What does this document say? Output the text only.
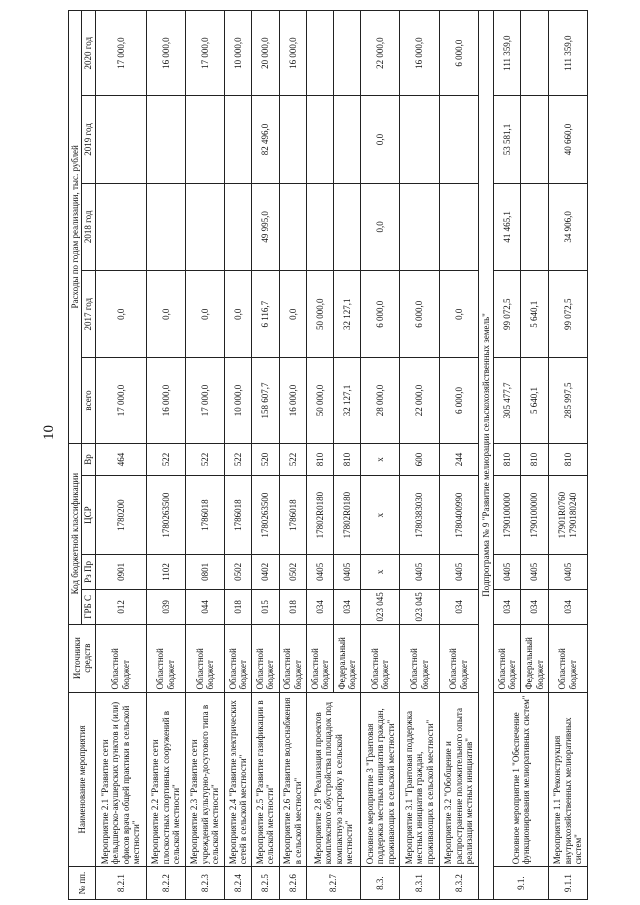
10
№ пп.	Наименование мероприятия	Источники средств	Код бюджетной классификации				Расходы по годам реализации, тыс. рублей				
			ГРБ С	Рз Пр	ЦСР	Вр	всего	2017 год	2018 год	2019 год	2020 год
8.2.1	Мероприятие 2.1 "Развитие сети фельдшерско-акушерских пунктов и (или) офисов врача общей практики в сельской местности"	Областной бюджет	012	0901	1780200	464	17 000,0	0,0			17 000,0
8.2.2	Мероприятие 2.2 "Развитие сети плоскостных спортивных сооружений в сельской местности"	Областной бюджет	039	1102	1780263500	522	16 000,0	0,0			16 000,0
8.2.3	Мероприятие 2.3 "Развитие сети учреждений культурно-досугового типа в сельской местности"	Областной бюджет	044	0801	1786018	522	17 000,0	0,0			17 000,0
8.2.4	Мероприятие 2.4 "Развитие электрических сетей в сельской местности"	Областной бюджет	018	0502	1786018	522	10 000,0	0,0			10 000,0
8.2.5	Мероприятие 2.5 "Развитие газификации в сельской местности"	Областной бюджет	015	0402	1780263500	520	158 607,7	6 116,7	49 995,0	82 496,0	20 000,0
8.2.6	Мероприятие 2.6 "Развитие водоснабжения в сельской местности"	Областной бюджет	018	0502	1786018	522	16 000,0	0,0			16 000,0
8.2.7	Мероприятие 2.8 "Реализация проектов комплексного обустройства площадок под компактную застройку в сельской местности"	Областной бюджет	034	0405	17802R0180	810	50 000,0	50 000,0			
		Федеральный бюджет	034	0405	17802R0180	810	32 127,1	32 127,1			
8.3.	Основное мероприятие 3 "Грантовая поддержка местных инициатив граждан, проживающих в сельской местности"	Областной бюджет	023 045	x	x	x	28 000,0	6 000,0	0,0	0,0	22 000,0
8.3.1	Мероприятие 3.1 "Грантовая поддержка местных инициатив граждан, проживающих в сельской местности"	Областной бюджет	023 045	0405	1780383030	600	22 000,0	6 000,0			16 000,0
8.3.2	Мероприятие 3.2 "Обобщение и распространение положительного опыта реализации местных инициатив"	Областной бюджет	034	0405	1780400990	244	6 000,0	0,0			6 000,0
Подпрограмма № 9 "Развитие мелиорации сельскохозяйственных земель"											
9.1.	Основное мероприятие 1 "Обеспечение функционирования мелиоративных систем"	Областной бюджет	034	0405	1790100000	810	305 477,7	99 072,5	41 465,1	53 581,1	111 359,0
		Федеральный бюджет	034	0405	1790100000	810	5 640,1	5 640,1			
9.1.1	Мероприятие 1.1 "Реконструкция внутрихозяйственных мелиоративных систем"	Областной бюджет	034	0405	17901R0760 1790180240	810	285 997,5	99 072,5	34 906,0	40 660,0	111 359,0
